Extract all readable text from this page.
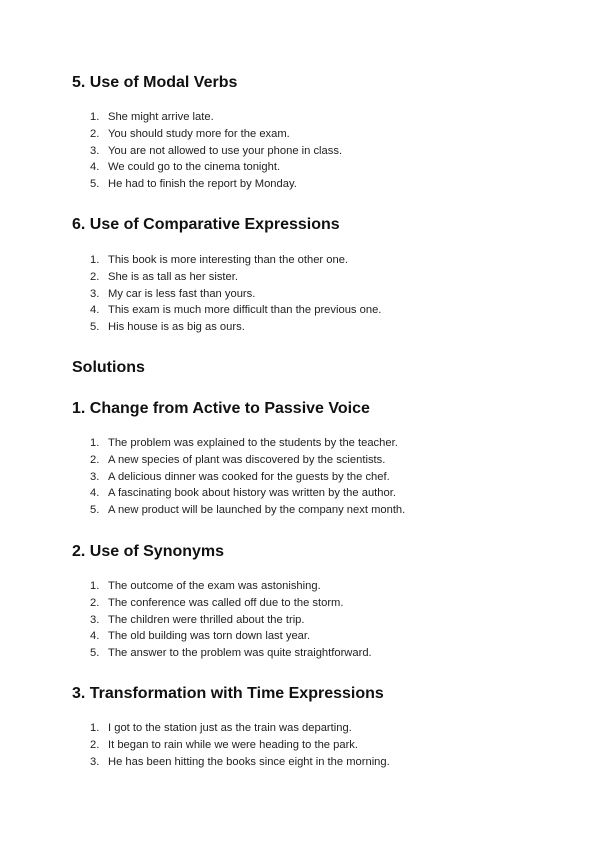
5. Use of Modal Verbs
1. She might arrive late.
2. You should study more for the exam.
3. You are not allowed to use your phone in class.
4. We could go to the cinema tonight.
5. He had to finish the report by Monday.
6. Use of Comparative Expressions
1. This book is more interesting than the other one.
2. She is as tall as her sister.
3. My car is less fast than yours.
4. This exam is much more difficult than the previous one.
5. His house is as big as ours.
Solutions
1. Change from Active to Passive Voice
1. The problem was explained to the students by the teacher.
2. A new species of plant was discovered by the scientists.
3. A delicious dinner was cooked for the guests by the chef.
4. A fascinating book about history was written by the author.
5. A new product will be launched by the company next month.
2. Use of Synonyms
1. The outcome of the exam was astonishing.
2. The conference was called off due to the storm.
3. The children were thrilled about the trip.
4. The old building was torn down last year.
5. The answer to the problem was quite straightforward.
3. Transformation with Time Expressions
1. I got to the station just as the train was departing.
2. It began to rain while we were heading to the park.
3. He has been hitting the books since eight in the morning.
